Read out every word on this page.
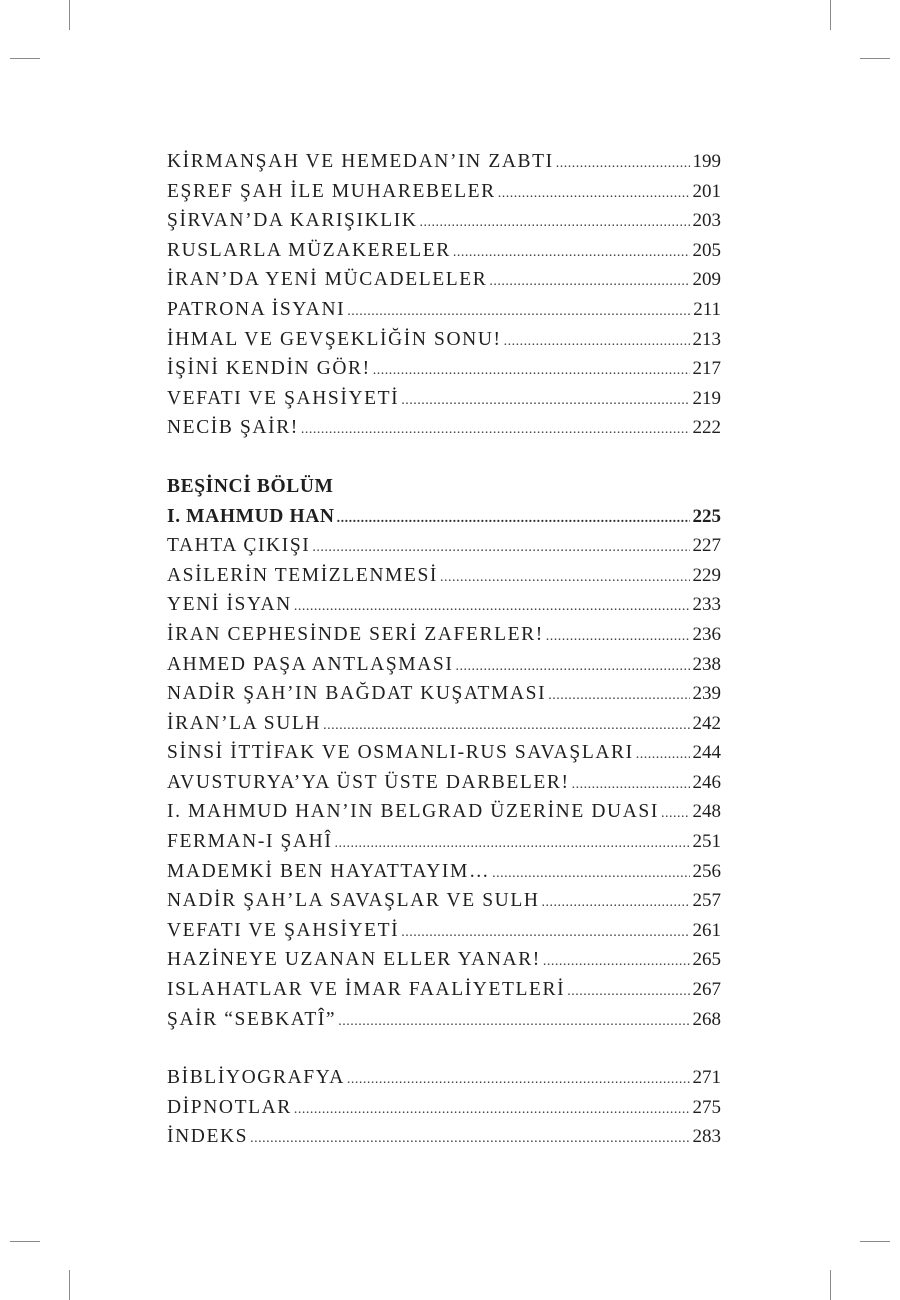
KİRMANŞAH VE HEMEDAN’IN ZABTI .....	199
EŞREF ŞAH İLE MUHAREBELER .....	201
ŞİRVAN’DA KARIŞIKLIK .....	203
RUSLARLA MÜZAKERELER .....	205
İRAN’DA YENİ MÜCADELELER .....	209
PATRONA İSYANI .....	211
İHMAL VE GEVŞEKLİĞİN SONU! .....	213
İŞİNİ KENDİN GÖR! .....	217
VEFATI VE ŞAHSİYETİ .....	219
NECİB ŞAİR! .....	222
BEŞİNCİ BÖLÜM
I. MAHMUD HAN .....	225
TAHTA ÇIKIŞI .....	227
ASİLERİN TEMİZLENMESİ .....	229
YENİ İSYAN .....	233
İRAN CEPHESİNDE SERİ ZAFERLER! .....	236
AHMED PAŞA ANTLAŞMASI .....	238
NADİR ŞAH’IN BAĞDAT KUŞATMASI .....	239
İRAN’LA SULH .....	242
SİNSİ İTTİFAK VE OSMANLI-RUS SAVAŞLARI .....	244
AVUSTURYA’YA ÜST ÜSTE DARBELER! .....	246
I. MAHMUD HAN’IN BELGRAD ÜZERİNE DUASI ..... 248
FERMAN-I ŞAHÎ .....	251
MADEMKİ BEN HAYATTAYIM… .....	256
NADİR ŞAH’LA SAVAŞLAR VE SULH .....	257
VEFATI VE ŞAHSİYETİ .....	261
HAZİNEYE UZANAN ELLER YANAR! .....	265
ISLAHATLAR VE İMAR FAALİYETLERİ .....	267
ŞAİR “SEBKATÎ” .....	268
BİBLİYOGRAFYA .....	271
DİPNOTLAR .....	275
İNDEKS .....	283
